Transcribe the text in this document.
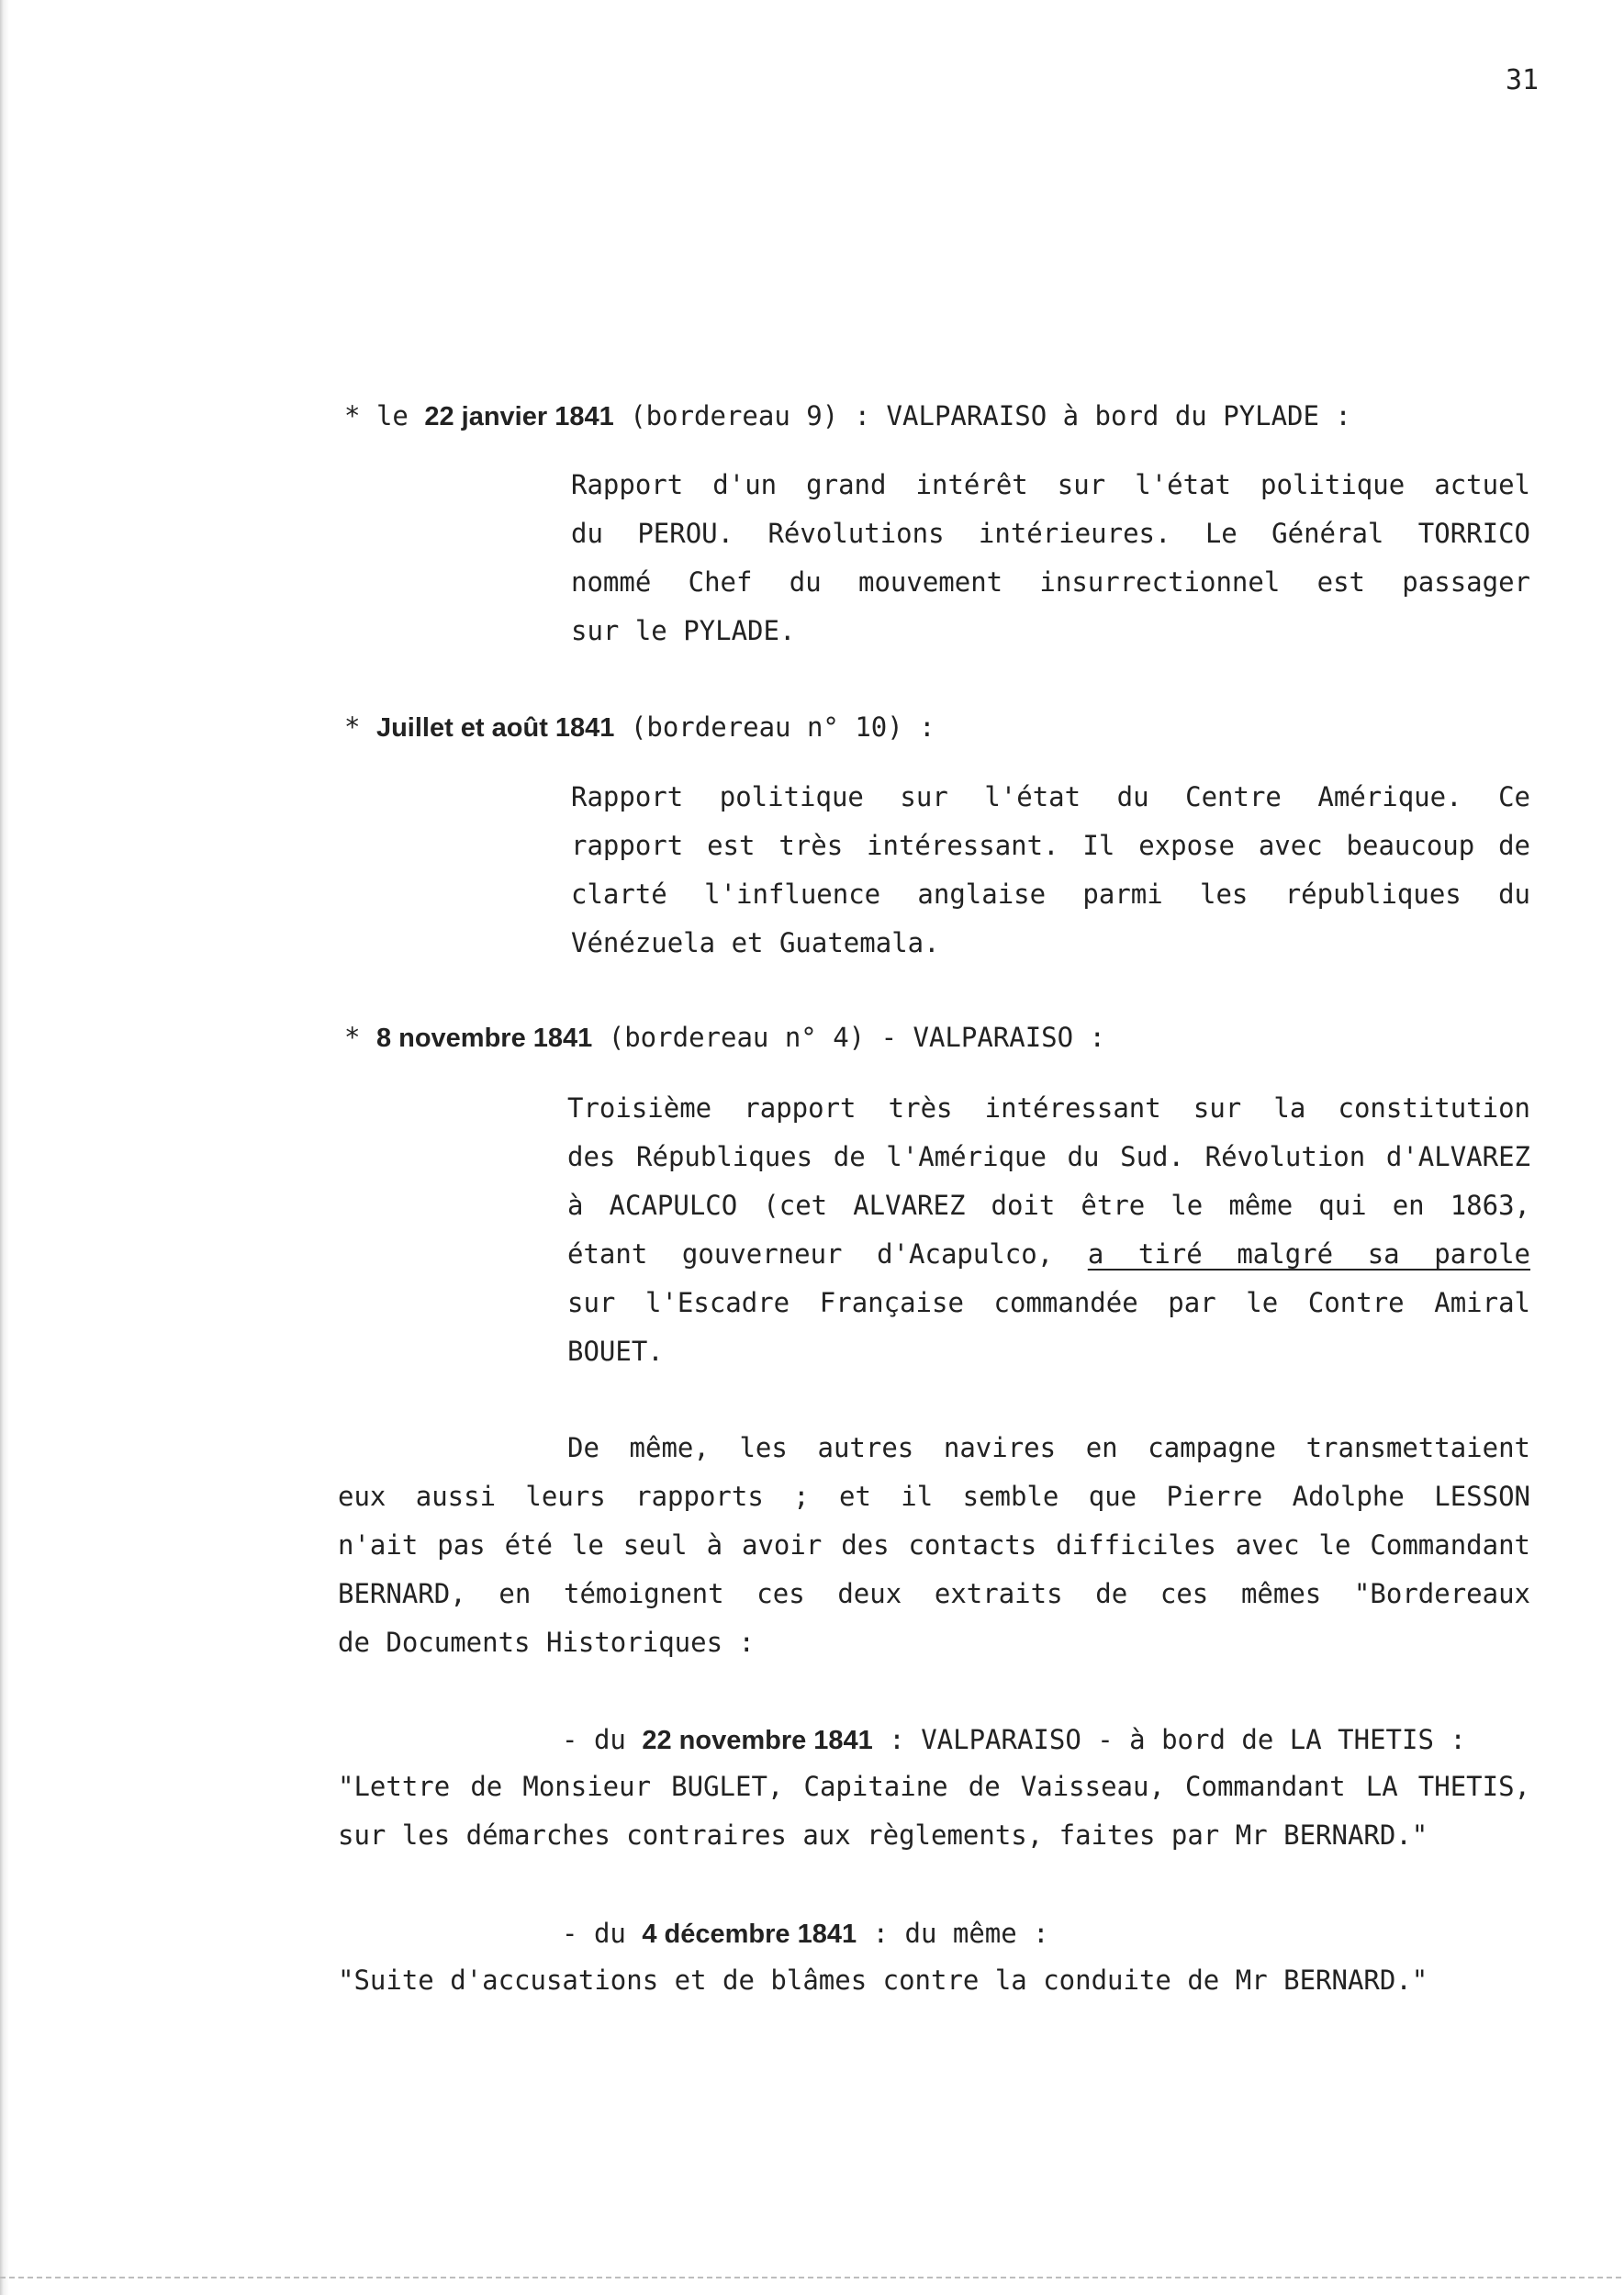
31
* le 22 janvier 1841 (bordereau 9) : VALPARAISO à bord du PYLADE :
Rapport d'un grand intérêt sur l'état politique actuel
du PEROU. Révolutions intérieures. Le Général TORRICO
nommé Chef du mouvement insurrectionnel est passager
sur le PYLADE.
* Juillet et août 1841 (bordereau n° 10) :
Rapport politique sur l'état du Centre Amérique. Ce
rapport est très intéressant. Il expose avec beaucoup de
clarté l'influence anglaise parmi les républiques du
Vénézuela et Guatemala.
* 8 novembre 1841 (bordereau n° 4) - VALPARAISO :
Troisième rapport très intéressant sur la constitution
des Républiques de l'Amérique du Sud. Révolution d'ALVAREZ
à ACAPULCO (cet ALVAREZ doit être le même qui en 1863,
étant gouverneur d'Acapulco, a tiré malgré sa parole
sur l'Escadre Française commandée par le Contre Amiral
BOUET.
De même, les autres navires en campagne transmettaient
eux aussi leurs rapports ; et il semble que Pierre Adolphe LESSON
n'ait pas été le seul à avoir des contacts difficiles avec le Commandant
BERNARD, en témoignent ces deux extraits de ces mêmes "Bordereaux
de Documents Historiques :
- du 22 novembre 1841 : VALPARAISO - à bord de LA THETIS :
"Lettre de Monsieur BUGLET, Capitaine de Vaisseau, Commandant LA THETIS,
sur les démarches contraires aux règlements, faites par Mr BERNARD."
- du 4 décembre 1841 : du même :
"Suite d'accusations et de blâmes contre la conduite de Mr BERNARD."
